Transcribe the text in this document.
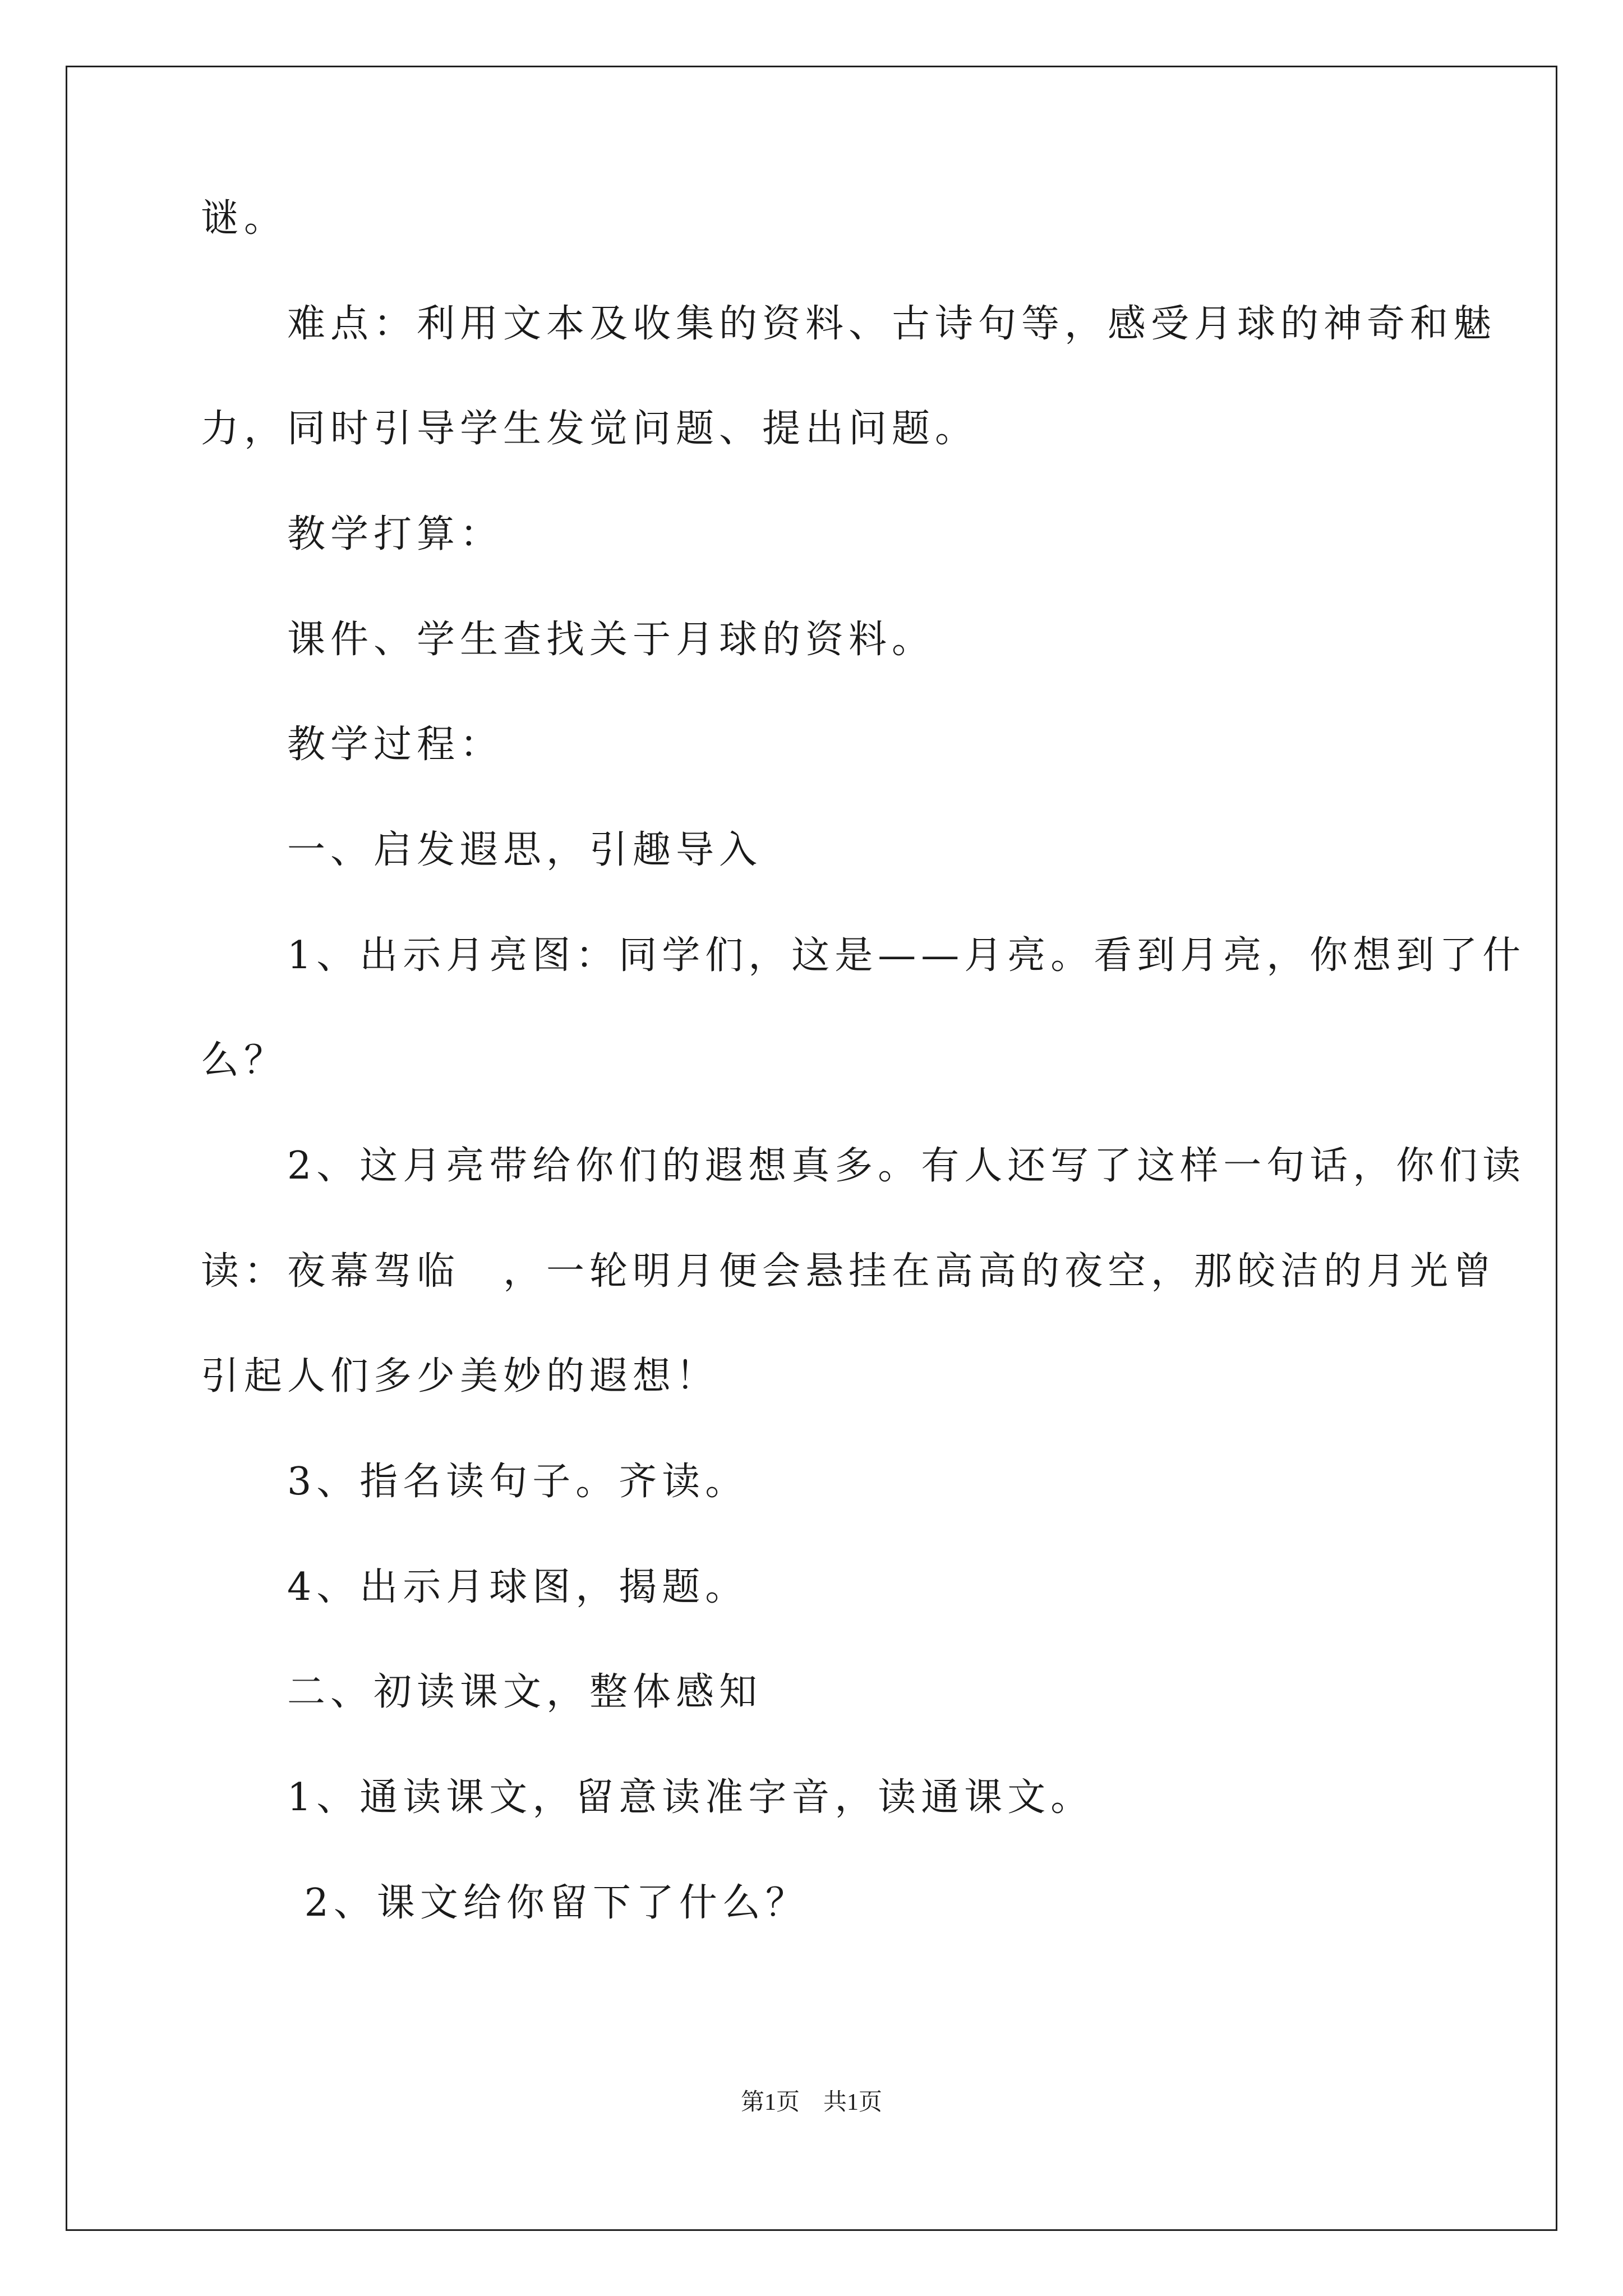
谜。
　　难点：利用文本及收集的资料、古诗句等，感受月球的神奇和魅
力，同时引导学生发觉问题、提出问题。
　　教学打算：
　　课件、学生查找关于月球的资料。
　　教学过程：
　　一、启发遐思，引趣导入
　　1、出示月亮图：同学们，这是——月亮。看到月亮，你想到了什
么？
　　2、这月亮带给你们的遐想真多。有人还写了这样一句话，你们读
读：夜幕驾临　，一轮明月便会悬挂在高高的夜空，那皎洁的月光曾
引起人们多少美妙的遐想！
　　3、指名读句子。齐读。
　　4、出示月球图，揭题。
　　二、初读课文，整体感知
　　1、通读课文，留意读准字音，读通课文。
　　 2、课文给你留下了什么？
第1页　共1页
